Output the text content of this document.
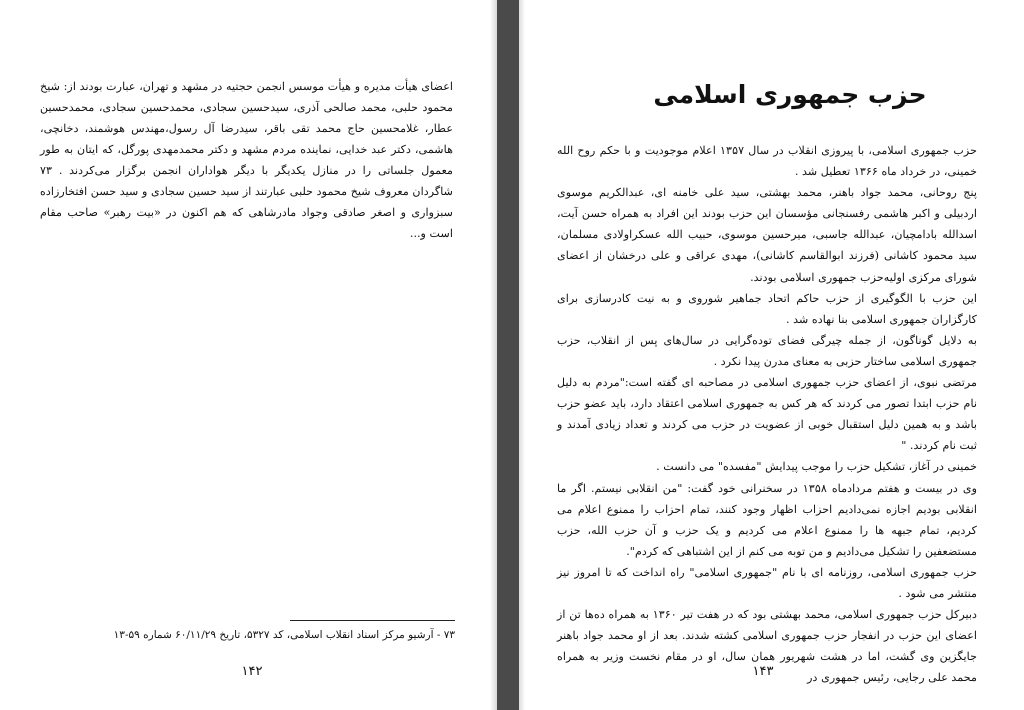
اعضای هیأت مدیره و هیأت موسس انجمن حجتیه در مشهد و تهران، عبارت بودند از: شیخ محمود حلبی، محمد صالحی آذری، سیدحسین سجادی، محمدحسین سجادی، محمدحسین عطار، غلامحسین حاج محمد تقی باقر، سیدرضا آل رسول،مهندس هوشمند، دخانچی، هاشمی، دکتر عبد خدایی، نماینده مردم مشهد و دکتر محمدمهدی پورگل، که ایتان به طور معمول جلساتی را در منازل یکدیگر با دیگر هواداران انجمن برگزار می‌کردند . ۷۳ شاگردان معروف شیخ محمود حلبی عبارتند از سید حسین سجادی و سید حسن افتخارزاده سبزواری و اصغر صادقی وجواد مادرشاهی که هم اکنون در «بیت رهبر» صاحب مقام است و...

۷۳ - آرشیو مرکز اسناد انقلاب اسلامی، کد ۵۳۲۷، تاریخ ۶۰/۱۱/۲۹ شماره ۵۹-۱۳
۱۴۲
حزب جمهوری اسلامی

حزب جمهوری اسلامی، با پیروزی انقلاب در سال ۱۳۵۷ اعلام موجودیت و با حکم روح الله خمینی، در خرداد ماه ۱۳۶۶ تعطیل شد .

پنج روحانی، محمد جواد باهنر، محمد بهشتی، سید علی خامنه ای، عبدالکریم موسوی اردبیلی و اکبر هاشمی رفسنجانی مؤسسان این حزب بودند این افراد به همراه حسن آیت، اسدالله بادامچیان، عبدالله جاسبی، میرحسین موسوی، حبیب الله عسکراولادی مسلمان، سید محمود کاشانی (فرزند ابوالقاسم کاشانی)، مهدی عراقی و علی درخشان از اعضای شورای مرکزی اولیه‌حزب جمهوری اسلامی بودند.

این حزب با الگوگیری از حزب حاکم اتحاد جماهیر شوروی و به نیت کادرسازی برای کارگزاران جمهوری اسلامی بنا نهاده شد .

به دلایل گوناگون، از جمله چیرگی فضای توده‌گرایی در سال‌های پس از انقلاب، حزب جمهوری اسلامی ساختار حزبی به معنای مدرن پیدا نکرد .

مرتضی نبوی، از اعضای حزب جمهوری اسلامی در مصاحبه ای گفته است:"مردم به دلیل نام حزب ابتدا تصور می کردند که هر کس به جمهوری اسلامی اعتقاد دارد، باید عضو حزب باشد و به همین دلیل استقبال خوبی از عضویت در حزب می کردند و تعداد زیادی آمدند و ثبت نام کردند. "

خمینی در آغاز، تشکیل حزب را موجب پیدایش "مفسده" می دانست .

وی در بیست و هفتم مردادماه ۱۳۵۸ در سخنرانی خود گفت: "من انقلابی نیستم. اگر ما انقلابی بودیم اجازه نمی‌دادیم احزاب اظهار وجود کنند، تمام احزاب را ممنوع اعلام می کردیم، تمام جبهه ها را ممنوع اعلام می کردیم و یک حزب و آن حزب الله، حزب مستضعفین را تشکیل می‌دادیم و من توبه می کنم از این اشتباهی که کردم".

حزب جمهوری اسلامی، روزنامه ای با نام "جمهوری اسلامی" راه انداخت که تا امروز نیز منتشر می شود .

دبیرکل حزب جمهوری اسلامی، محمد بهشتی بود که در هفت تیر ۱۳۶۰ به همراه ده‌ها تن از اعضای این حزب در انفجار حزب جمهوری اسلامی کشته شدند. بعد از او محمد جواد باهنر جایگزین وی گشت، اما در هشت شهریور همان سال، او در مقام نخست وزیر به همراه محمد علی رجایی، رئیس جمهوری در

۱۴۳
